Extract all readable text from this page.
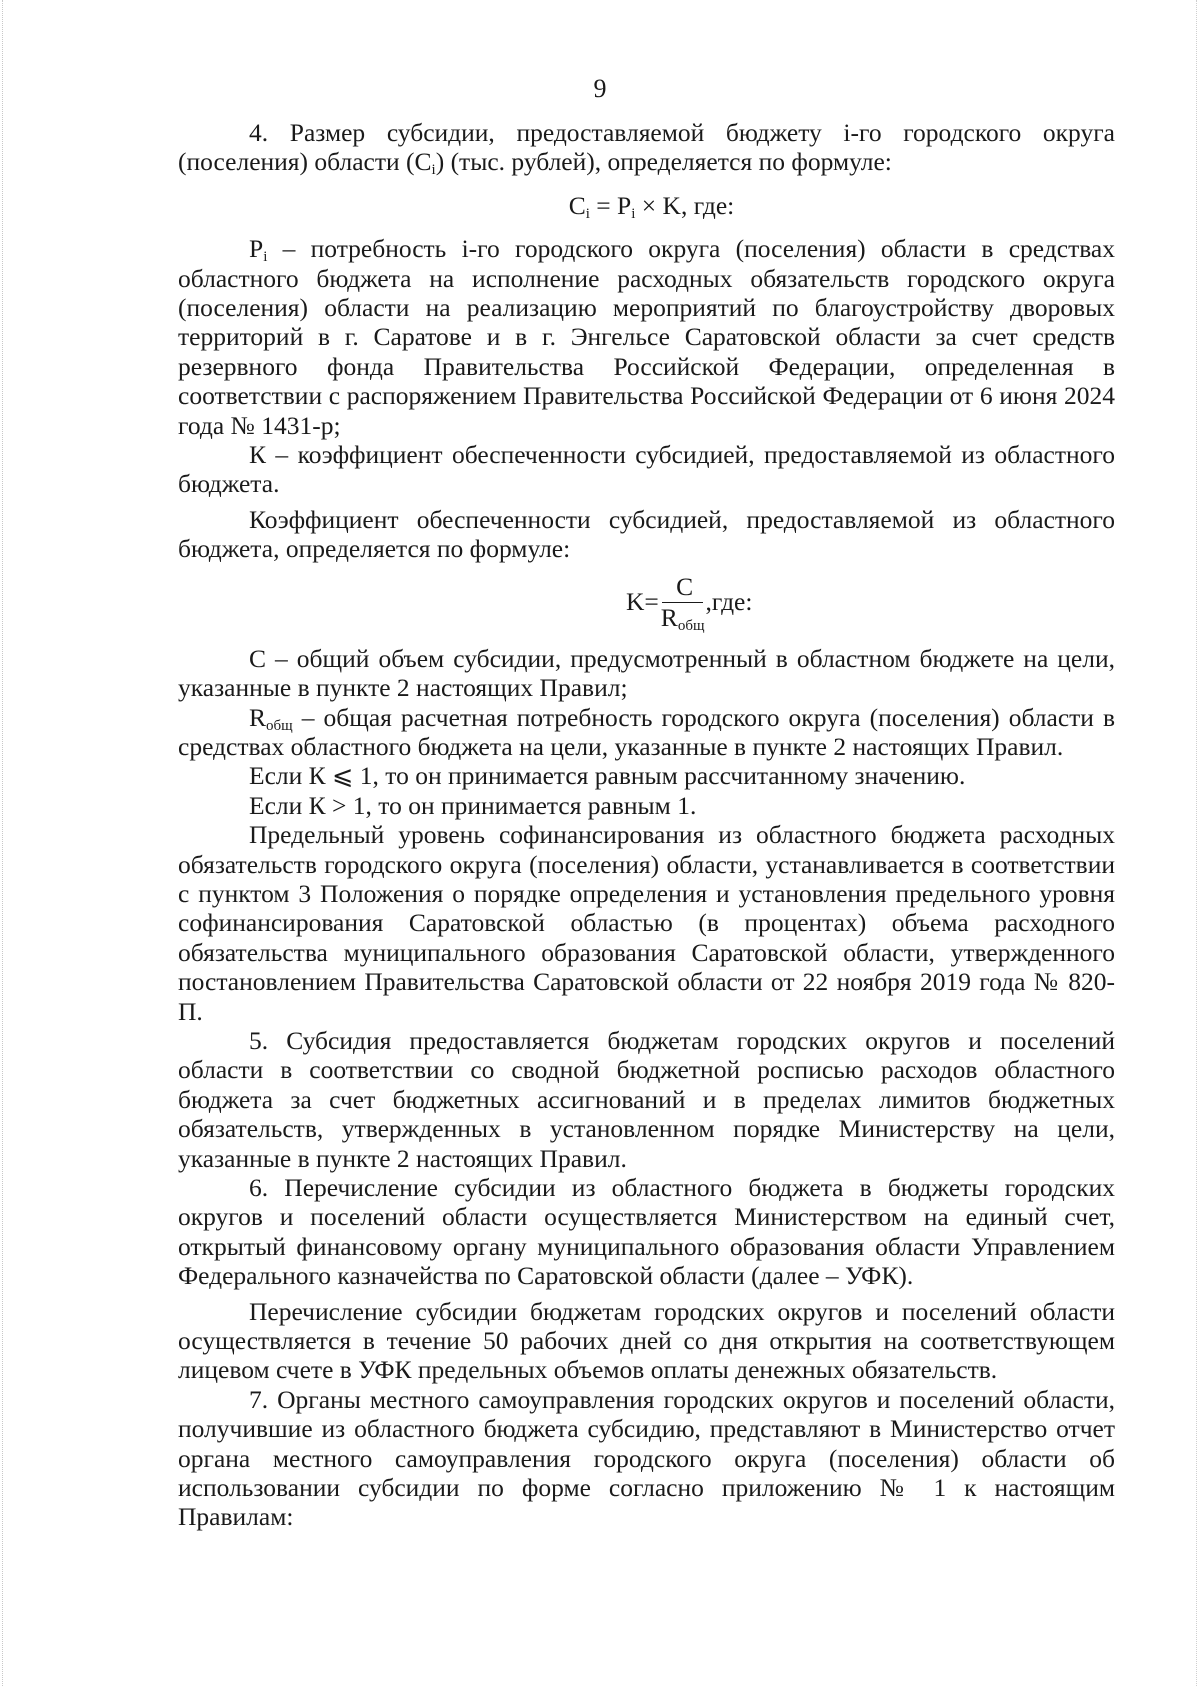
9

4. Размер субсидии, предоставляемой бюджету i-го городского округа (поселения) области $(C_i)$ (тыс. рублей), определяется по формуле:

$C_i = P_i \times K$, где:

$P_i$ – потребность i-го городского округа (поселения) области в средствах областного бюджета на исполнение расходных обязательств городского округа (поселения) области на реализацию мероприятий по благоустройству дворовых территорий в г. Саратове и в г. Энгельсе Саратовской области за счет средств резервного фонда Правительства Российской Федерации, определенная в соответствии с распоряжением Правительства Российской Федерации от 6 июня 2024 года № 1431-р;

К – коэффициент обеспеченности субсидией, предоставляемой из областного бюджета.

Коэффициент обеспеченности субсидией, предоставляемой из областного бюджета, определяется по формуле:

$K= \frac{C}{R_{общ}} ,где$:

С – общий объем субсидии, предусмотренный в областном бюджете на цели, указанные в пункте 2 настоящих Правил;

$R_{общ}$ – общая расчетная потребность городского округа (поселения) области в средствах областного бюджета на цели, указанные в пункте 2 настоящих Правил.

Если К ⩽ 1, то он принимается равным рассчитанному значению.

Если К > 1, то он принимается равным 1.

Предельный уровень софинансирования из областного бюджета расходных обязательств городского округа (поселения) области, устанавливается в соответствии с пунктом 3 Положения о порядке определения и установления предельного уровня софинансирования Саратовской областью (в процентах) объема расходного обязательства муниципального образования Саратовской области, утвержденного постановлением Правительства Саратовской области от 22 ноября 2019 года № 820-П.

5. Субсидия предоставляется бюджетам городских округов и поселений области в соответствии со сводной бюджетной росписью расходов областного бюджета за счет бюджетных ассигнований и в пределах лимитов бюджетных обязательств, утвержденных в установленном порядке Министерству на цели, указанные в пункте 2 настоящих Правил.

6. Перечисление субсидии из областного бюджета в бюджеты городских округов и поселений области осуществляется Министерством на единый счет, открытый финансовому органу муниципального образования области Управлением Федерального казначейства по Саратовской области (далее – УФК).

Перечисление субсидии бюджетам городских округов и поселений области осуществляется в течение 50 рабочих дней со дня открытия на соответствующем лицевом счете в УФК предельных объемов оплаты денежных обязательств.

7. Органы местного самоуправления городских округов и поселений области, получившие из областного бюджета субсидию, представляют в Министерство отчет органа местного самоуправления городского округа (поселения) области об использовании субсидии по форме согласно приложению № 1 к настоящим Правилам:
